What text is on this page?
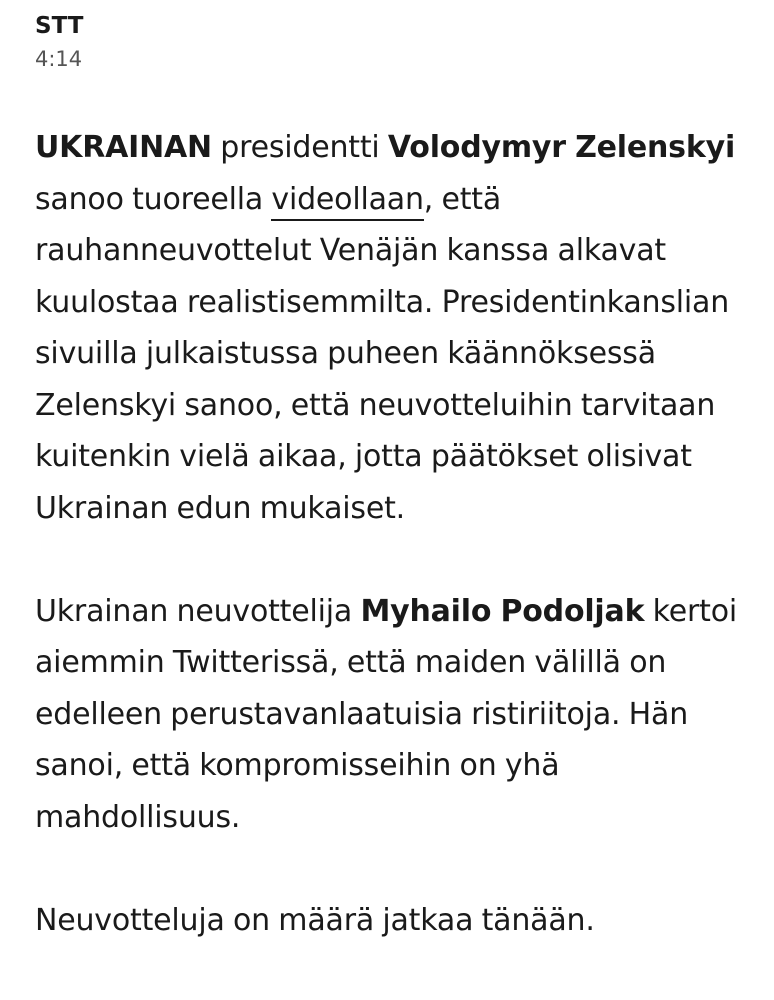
STT
4:14

UKRAINAN presidentti Volodymyr Zelenskyi sanoo tuoreella videollaan, että rauhanneuvottelut Venäjän kanssa alkavat kuulostaa realistisemmilta. Presidentinkanslian sivuilla julkaistussa puheen käännöksessä Zelenskyi sanoo, että neuvotteluihin tarvitaan kuitenkin vielä aikaa, jotta päätökset olisivat Ukrainan edun mukaiset.

Ukrainan neuvottelija Myhailo Podoljak kertoi aiemmin Twitterissä, että maiden välillä on edelleen perustavanlaatuisia ristiriitoja. Hän sanoi, että kompromisseihin on yhä mahdollisuus.

Neuvotteluja on määrä jatkaa tänään.
